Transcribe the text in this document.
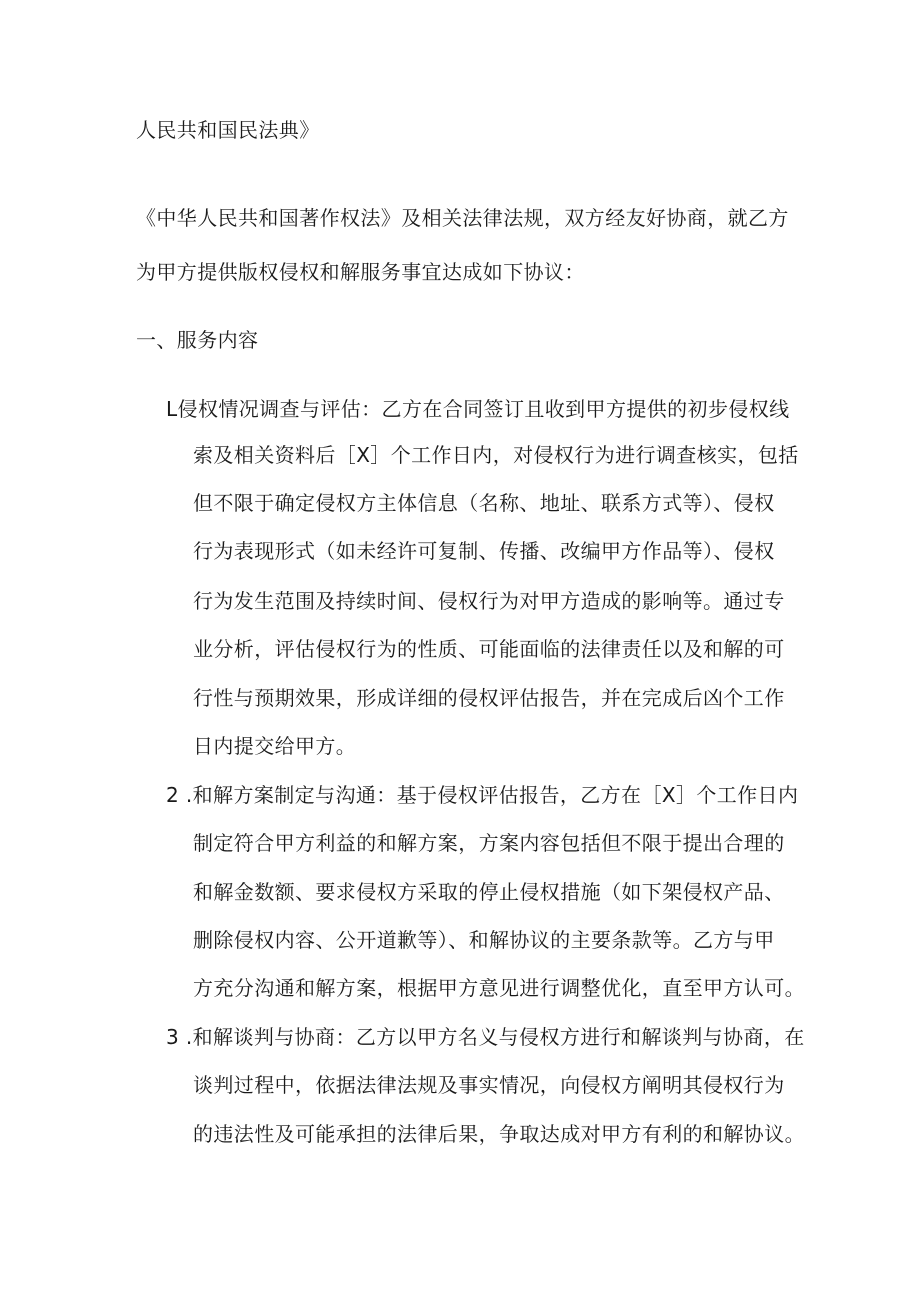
人民共和国民法典》
《中华人民共和国著作权法》及相关法律法规，双方经友好协商，就乙方
为甲方提供版权侵权和解服务事宜达成如下协议：
一、服务内容
L侵权情况调查与评估：乙方在合同签订且收到甲方提供的初步侵权线
索及相关资料后［X］个工作日内，对侵权行为进行调查核实，包括
但不限于确定侵权方主体信息（名称、地址、联系方式等）、侵权
行为表现形式（如未经许可复制、传播、改编甲方作品等）、侵权
行为发生范围及持续时间、侵权行为对甲方造成的影响等。通过专
业分析，评估侵权行为的性质、可能面临的法律责任以及和解的可
行性与预期效果，形成详细的侵权评估报告，并在完成后凶个工作
日内提交给甲方。
2 .和解方案制定与沟通：基于侵权评估报告，乙方在［X］个工作日内
制定符合甲方利益的和解方案，方案内容包括但不限于提出合理的
和解金数额、要求侵权方采取的停止侵权措施（如下架侵权产品、
删除侵权内容、公开道歉等）、和解协议的主要条款等。乙方与甲
方充分沟通和解方案，根据甲方意见进行调整优化，直至甲方认可。
3 .和解谈判与协商：乙方以甲方名义与侵权方进行和解谈判与协商，在
谈判过程中，依据法律法规及事实情况，向侵权方阐明其侵权行为
的违法性及可能承担的法律后果，争取达成对甲方有利的和解协议。
